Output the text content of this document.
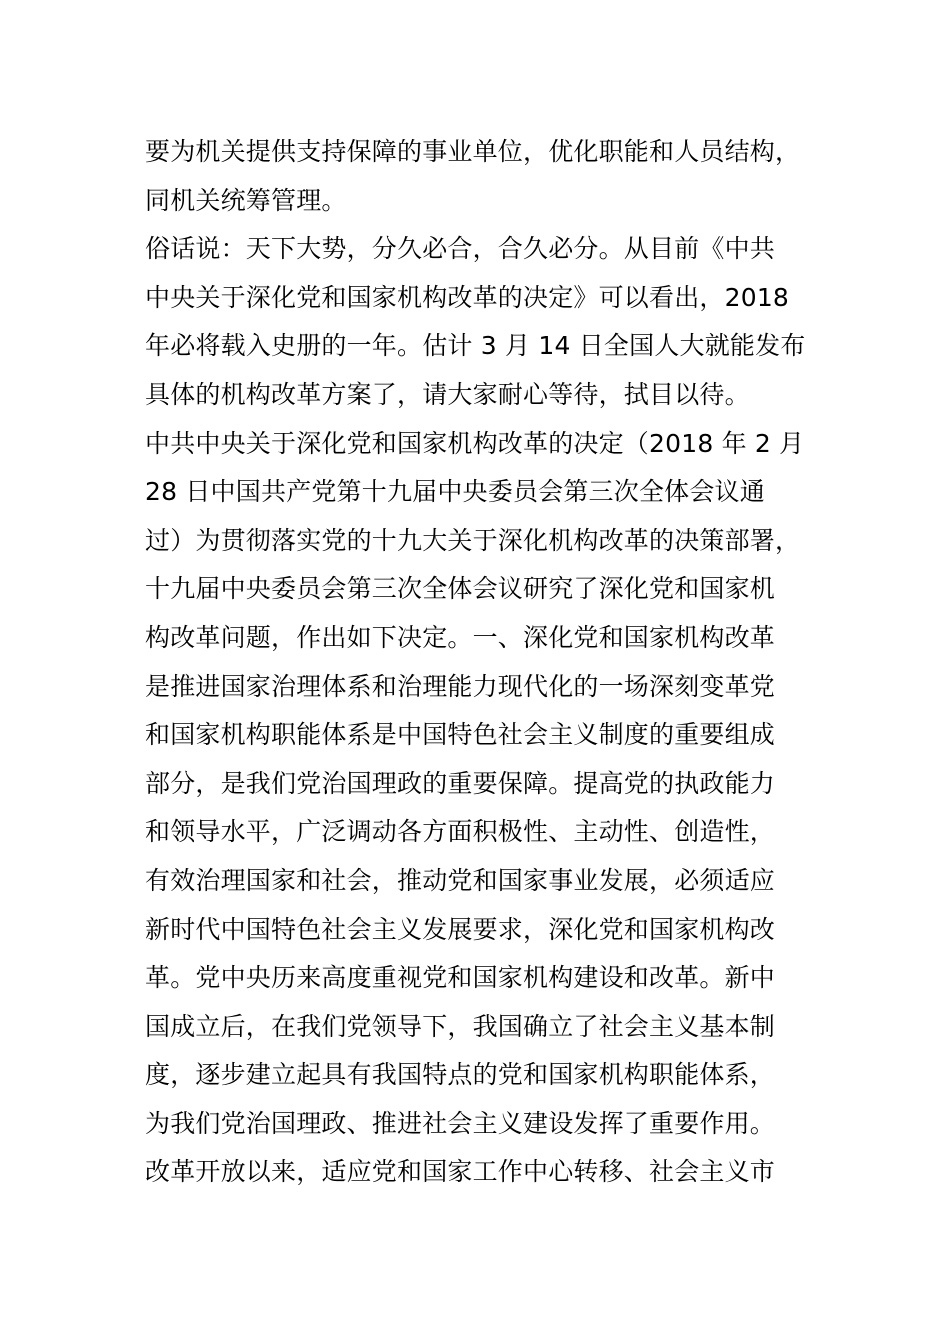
要为机关提供支持保障的事业单位，优化职能和人员结构，
同机关统筹管理。
俗话说：天下大势，分久必合，合久必分。从目前《中共
中央关于深化党和国家机构改革的决定》可以看出，2018
年必将载入史册的一年。估计 3 月 14 日全国人大就能发布
具体的机构改革方案了，请大家耐心等待，拭目以待。
中共中央关于深化党和国家机构改革的决定（2018 年 2 月
28 日中国共产党第十九届中央委员会第三次全体会议通
过）为贯彻落实党的十九大关于深化机构改革的决策部署，
十九届中央委员会第三次全体会议研究了深化党和国家机
构改革问题，作出如下决定。一、深化党和国家机构改革
是推进国家治理体系和治理能力现代化的一场深刻变革党
和国家机构职能体系是中国特色社会主义制度的重要组成
部分，是我们党治国理政的重要保障。提高党的执政能力
和领导水平，广泛调动各方面积极性、主动性、创造性，
有效治理国家和社会，推动党和国家事业发展，必须适应
新时代中国特色社会主义发展要求，深化党和国家机构改
革。党中央历来高度重视党和国家机构建设和改革。新中
国成立后，在我们党领导下，我国确立了社会主义基本制
度，逐步建立起具有我国特点的党和国家机构职能体系，
为我们党治国理政、推进社会主义建设发挥了重要作用。
改革开放以来，适应党和国家工作中心转移、社会主义市
